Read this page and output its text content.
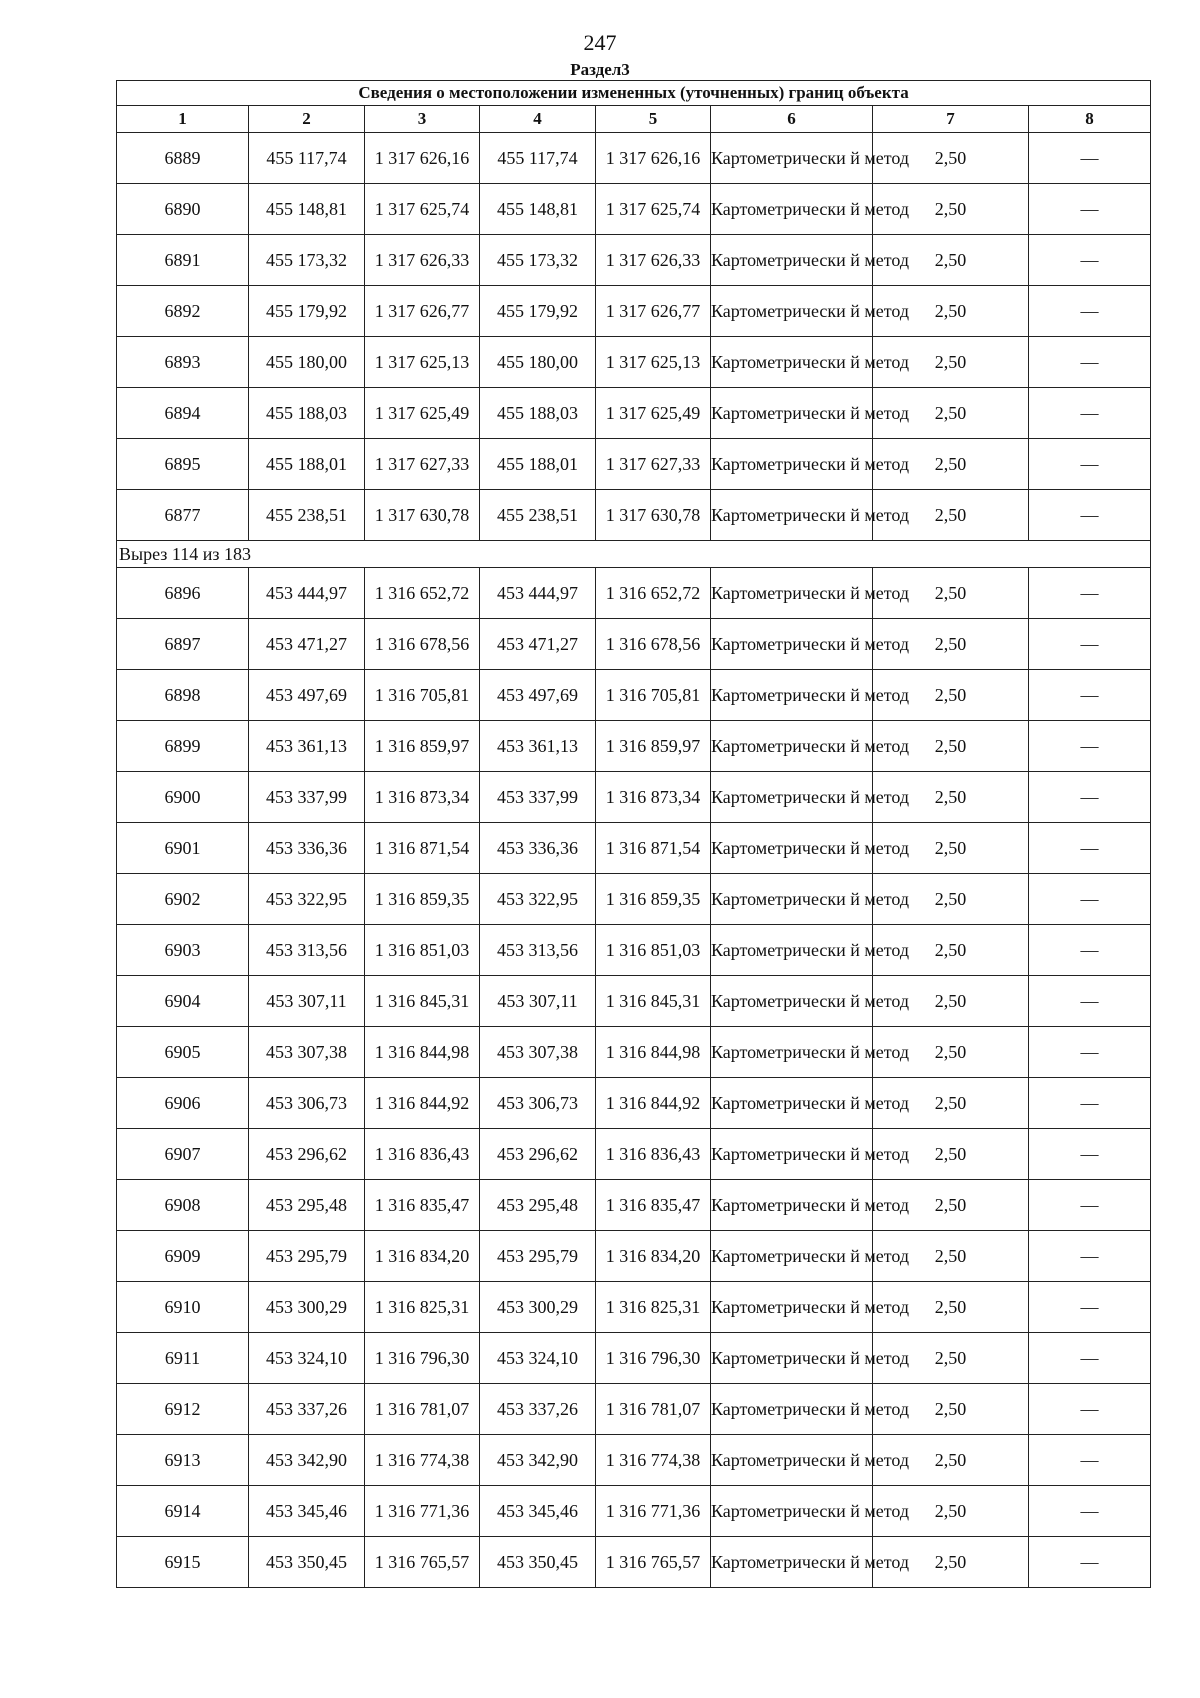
247
Раздел3
Сведения о местоположении измененных (уточненных) границ объекта							
1	2	3	4	5	6	7	8
6889	455 117,74	1 317 626,16	455 117,74	1 317 626,16	Картометрически й метод	2,50	—
6890	455 148,81	1 317 625,74	455 148,81	1 317 625,74	Картометрически й метод	2,50	—
6891	455 173,32	1 317 626,33	455 173,32	1 317 626,33	Картометрически й метод	2,50	—
6892	455 179,92	1 317 626,77	455 179,92	1 317 626,77	Картометрически й метод	2,50	—
6893	455 180,00	1 317 625,13	455 180,00	1 317 625,13	Картометрически й метод	2,50	—
6894	455 188,03	1 317 625,49	455 188,03	1 317 625,49	Картометрически й метод	2,50	—
6895	455 188,01	1 317 627,33	455 188,01	1 317 627,33	Картометрически й метод	2,50	—
6877	455 238,51	1 317 630,78	455 238,51	1 317 630,78	Картометрически й метод	2,50	—
Вырез 114 из 183							
6896	453 444,97	1 316 652,72	453 444,97	1 316 652,72	Картометрически й метод	2,50	—
6897	453 471,27	1 316 678,56	453 471,27	1 316 678,56	Картометрически й метод	2,50	—
6898	453 497,69	1 316 705,81	453 497,69	1 316 705,81	Картометрически й метод	2,50	—
6899	453 361,13	1 316 859,97	453 361,13	1 316 859,97	Картометрически й метод	2,50	—
6900	453 337,99	1 316 873,34	453 337,99	1 316 873,34	Картометрически й метод	2,50	—
6901	453 336,36	1 316 871,54	453 336,36	1 316 871,54	Картометрически й метод	2,50	—
6902	453 322,95	1 316 859,35	453 322,95	1 316 859,35	Картометрически й метод	2,50	—
6903	453 313,56	1 316 851,03	453 313,56	1 316 851,03	Картометрически й метод	2,50	—
6904	453 307,11	1 316 845,31	453 307,11	1 316 845,31	Картометрически й метод	2,50	—
6905	453 307,38	1 316 844,98	453 307,38	1 316 844,98	Картометрически й метод	2,50	—
6906	453 306,73	1 316 844,92	453 306,73	1 316 844,92	Картометрически й метод	2,50	—
6907	453 296,62	1 316 836,43	453 296,62	1 316 836,43	Картометрически й метод	2,50	—
6908	453 295,48	1 316 835,47	453 295,48	1 316 835,47	Картометрически й метод	2,50	—
6909	453 295,79	1 316 834,20	453 295,79	1 316 834,20	Картометрически й метод	2,50	—
6910	453 300,29	1 316 825,31	453 300,29	1 316 825,31	Картометрически й метод	2,50	—
6911	453 324,10	1 316 796,30	453 324,10	1 316 796,30	Картометрически й метод	2,50	—
6912	453 337,26	1 316 781,07	453 337,26	1 316 781,07	Картометрически й метод	2,50	—
6913	453 342,90	1 316 774,38	453 342,90	1 316 774,38	Картометрически й метод	2,50	—
6914	453 345,46	1 316 771,36	453 345,46	1 316 771,36	Картометрически й метод	2,50	—
6915	453 350,45	1 316 765,57	453 350,45	1 316 765,57	Картометрически й метод	2,50	—
